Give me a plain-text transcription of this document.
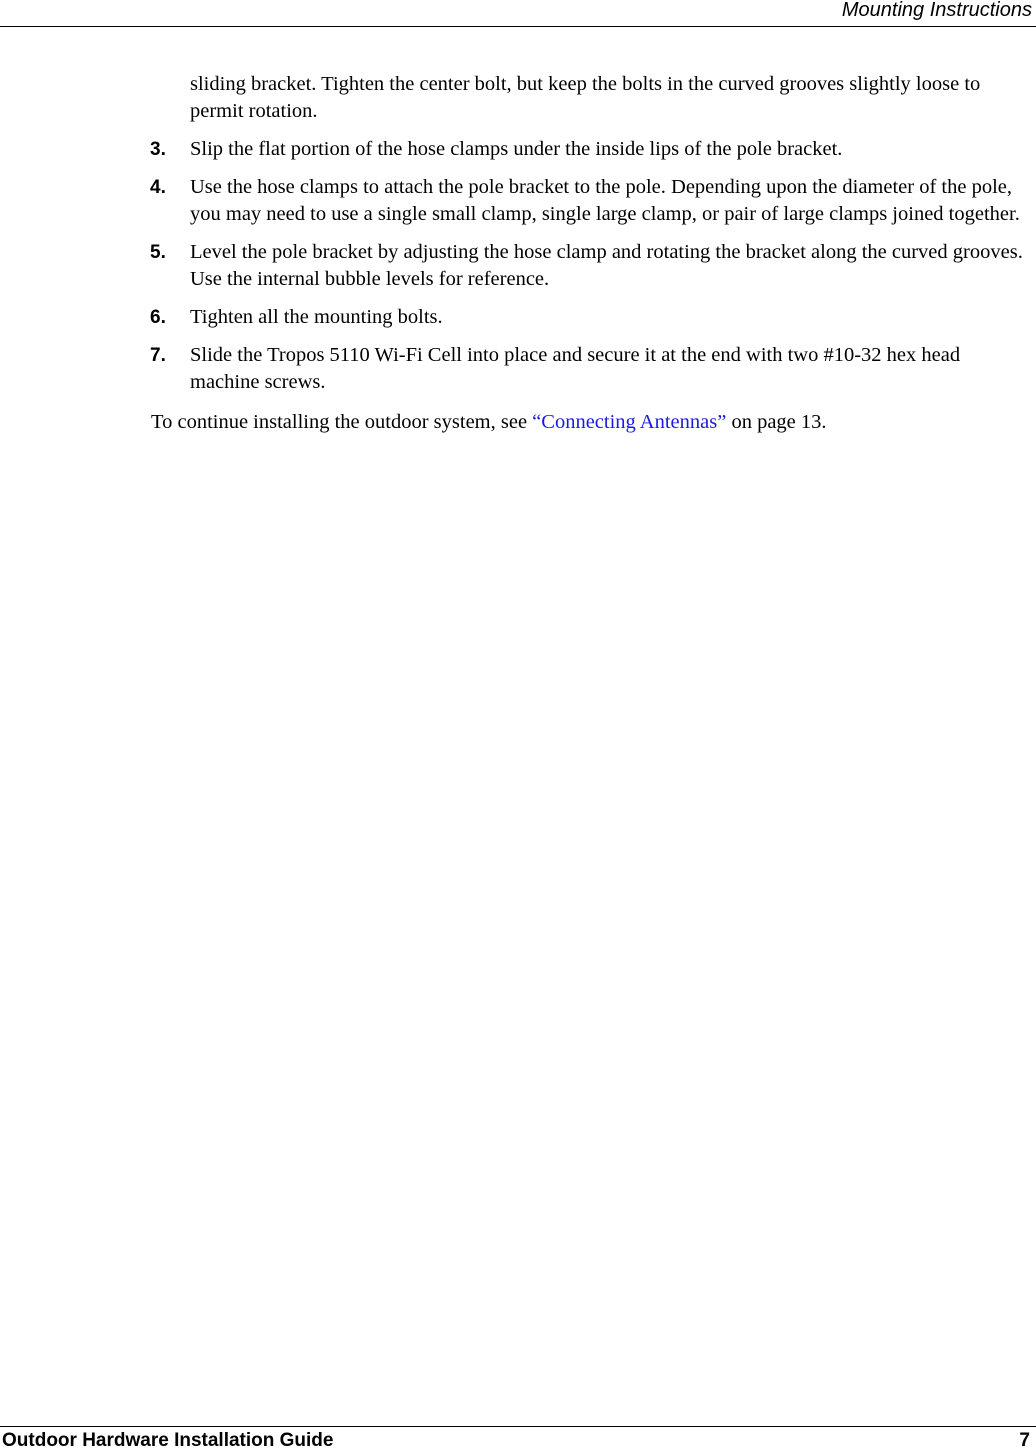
Mounting Instructions
sliding bracket. Tighten the center bolt, but keep the bolts in the curved grooves slightly loose to permit rotation.
3. Slip the flat portion of the hose clamps under the inside lips of the pole bracket.
4. Use the hose clamps to attach the pole bracket to the pole. Depending upon the diameter of the pole, you may need to use a single small clamp, single large clamp, or pair of large clamps joined together.
5. Level the pole bracket by adjusting the hose clamp and rotating the bracket along the curved grooves. Use the internal bubble levels for reference.
6. Tighten all the mounting bolts.
7. Slide the Tropos 5110 Wi-Fi Cell into place and secure it at the end with two #10-32 hex head machine screws.
To continue installing the outdoor system, see “Connecting Antennas” on page 13.
Outdoor Hardware Installation Guide	7
